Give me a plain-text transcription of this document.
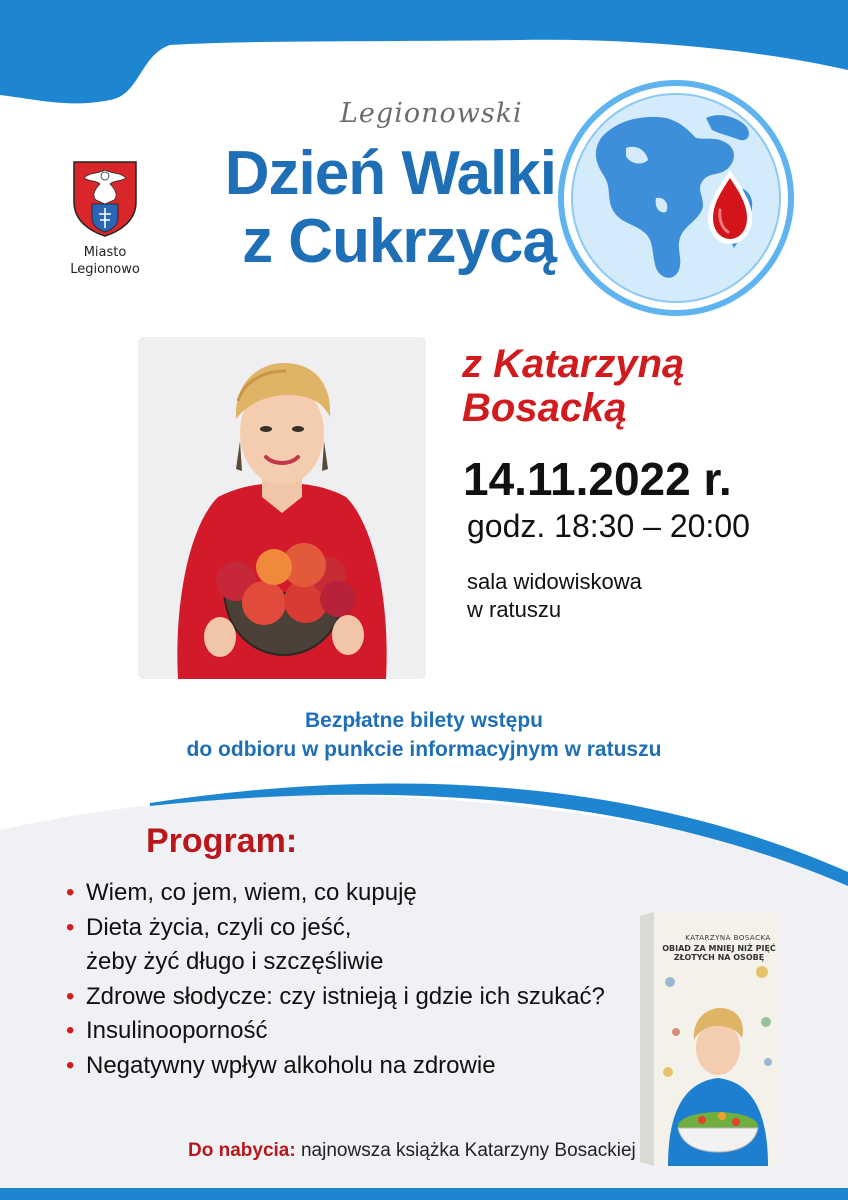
Miasto
Legionowo
Legionowski
Dzień Walki
z Cukrzycą
z Katarzyną
Bosacką
14.11.2022 r.
godz. 18:30 – 20:00
sala widowiskowa
w ratuszu
Bezpłatne bilety wstępu
do odbioru w punkcie informacyjnym w ratuszu
Program:
• Wiem, co jem, wiem, co kupuję
• Dieta życia, czyli co jeść,
żeby żyć długo i szczęśliwie
• Zdrowe słodycze: czy istnieją i gdzie ich szukać?
• Insulinooporność
• Negatywny wpływ alkoholu na zdrowie
KATARZYNA BOSACKA
OBIAD ZA MNIEJ NIŻ PIĘĆ ZŁOTYCH NA OSOBĘ
Do nabycia: najnowsza książka Katarzyny Bosackiej
